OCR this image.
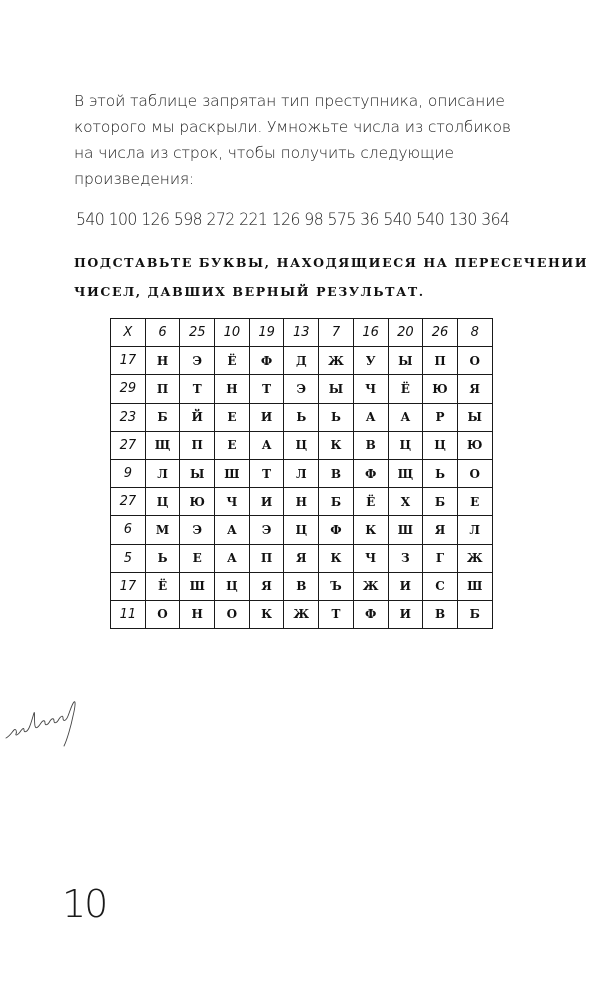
В этой таблице запрятан тип преступника, описание
которого мы раскрыли. Умножьте числа из столбиков
на числа из строк, чтобы получить следующие
произведения:
540 100 126 598 272 221 126 98 575 36 540 540 130 364
ПОДСТАВЬТЕ БУКВЫ, НАХОДЯЩИЕСЯ НА ПЕРЕСЕЧЕНИИ
ЧИСЕЛ, ДАВШИХ ВЕРНЫЙ РЕЗУЛЬТАТ.
X	6	25	10	19	13	7	16	20	26	8
17	Н	Э	Ё	Ф	Д	Ж	У	Ы	П	О
29	П	Т	Н	Т	Э	Ы	Ч	Ё	Ю	Я
23	Б	Й	Е	И	Ь	Ь	А	А	Р	Ы
27	Щ	П	Е	А	Ц	К	В	Ц	Ц	Ю
9	Л	Ы	Ш	Т	Л	В	Ф	Щ	Ь	О
27	Ц	Ю	Ч	И	Н	Б	Ё	Х	Б	Е
6	М	Э	А	Э	Ц	Ф	К	Ш	Я	Л
5	Ь	Е	А	П	Я	К	Ч	З	Г	Ж
17	Ё	Ш	Ц	Я	В	Ъ	Ж	И	С	Ш
11	О	Н	О	К	Ж	Т	Ф	И	В	Б
10
